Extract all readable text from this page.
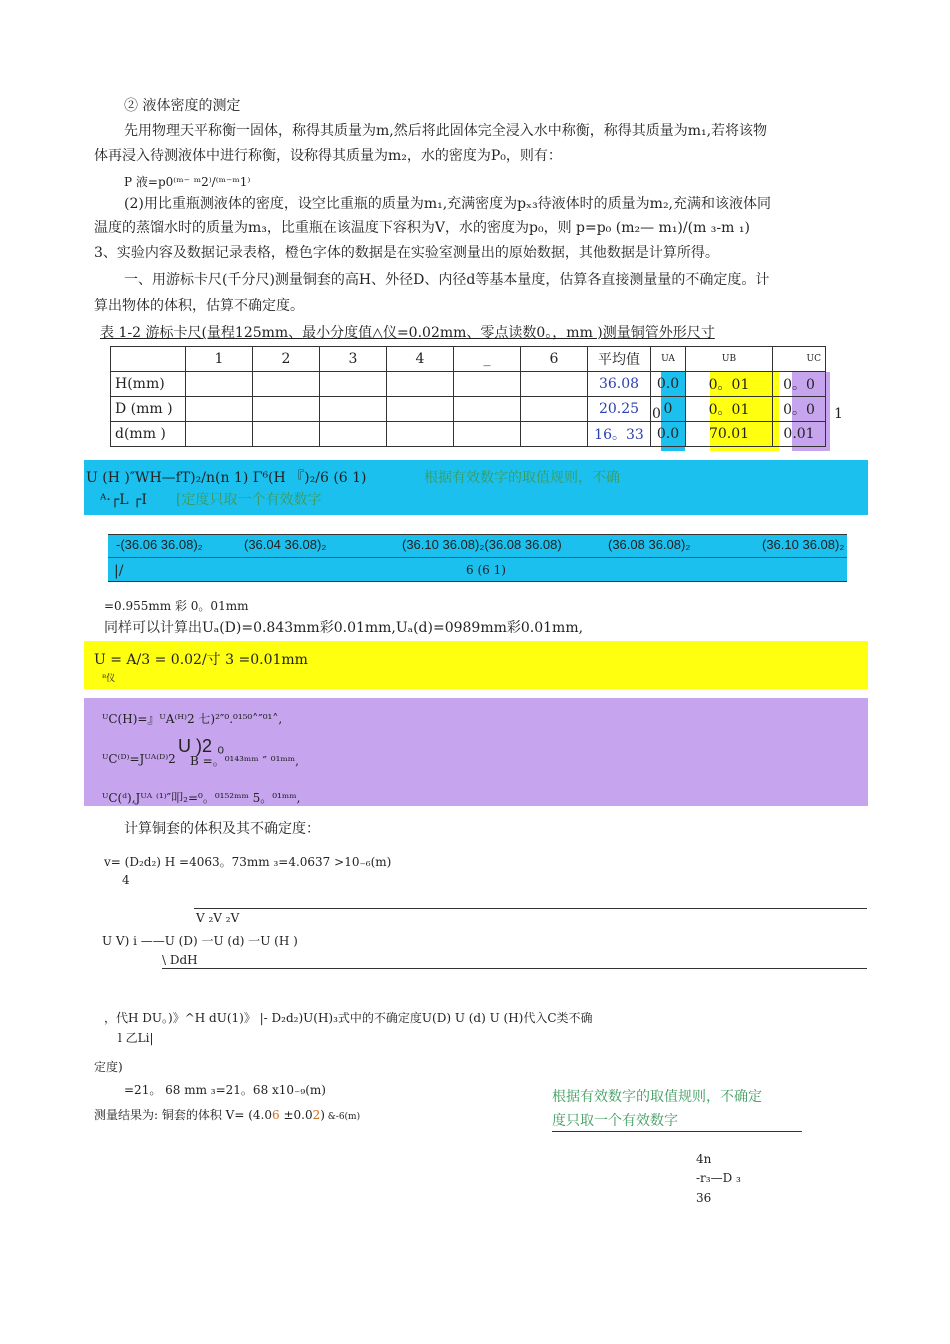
② 液体密度的测定
先用物理天平称衡一固体，称得其质量为m,然后将此固体完全浸入水中称衡，称得其质量为m₁,若将该物
体再浸入待测液体中进行称衡，设称得其质量为m₂，水的密度为P₀，则有：
P 液=p0⁽ᵐ⁻ ᵐ2⁾/⁽ᵐ⁻ᵐ1⁾
(2)用比重瓶测液体的密度，设空比重瓶的质量为m₁,充满密度为pₓ₃待液体时的质量为m₂,充满和该液体同
温度的蒸馏水时的质量为m₃，比重瓶在该温度下容积为V，水的密度为p₀，则 p=p₀ (m₂— m₁)/(m ₃-m ₁)
3、实验内容及数据记录表格，橙色字体的数据是在实验室测量出的原始数据，其他数据是计算所得。
一、用游标卡尺(千分尺)测量铜套的高H、外径D、内径d等基本量度，估算各直接测量量的不确定度。计
算出物体的体积，估算不确定度。
表 1-2 游标卡尺(量程125mm、最小分度值△仪=0.02mm、零点读数0。，mm )测量铜管外形尺寸
	1	2	3	4	_	6	平均值	UA	UB	UC
H(mm)							36.08	0.0	0。01	0。0
D (mm )							20.25	0	0。01	0。0
d(mm )							16。33	0.0	70.01	0.01
0	1
U (H )″WH—fT)₂/n(n 1) Γ⁶(H 『)₂/6 (6 1)	根据有效数字的取值规则，不确
ᴬ·┌L ┌I [定度只取一个有效数字
-(36.06 36.08)₂	(36.04 36.08)₂	(36.10 36.08)₂(36.08 36.08)	(36.08 36.08)₂	(36.10 36.08)₂
|/	6 (6 1)
=0.955mm 彩 0。01mm
同样可以计算出Uₐ(D)=0.843mm彩0.01mm,Uₐ(d)=0989mm彩0.01mm,
U = A/3 = 0.02/寸 3 =0.01mm
ᴮ仪
ᵁC(H)=』ᵁA⁽ᴴ⁾2 七)²″⁰.⁰¹⁵⁰˄″⁰¹˄,
ᵁC⁽ᴰ⁾=Jᵁᴬ⁽ᴰ⁾2
U )2 ₀
B =。⁰¹⁴³ᵐᵐ ″ ⁰¹ᵐᵐ,
ᵁC(ᵈ),Jᵁᴬ ⁽¹⁾″叩₂=⁰。⁰¹⁵²ᵐᵐ 5。⁰¹ᵐᵐ,
计算铜套的体积及其不确定度：
v= (D₂d₂) H =4063。73mm ₃=4.0637 >10₋₆(m)
4
V ₂V ₂V
U V) i ——U (D) 一U (d) 一U (H )
\ DdH
，代H DU。)》^H dU(1)》 |- D₂d₂)U(H)₃式中的不确定度U(D) U (d) U (H)代入C类不确
l 乙Li|
定度)
=21。 68 mm ₃=21。68 x10₋₉(m)
测量结果为: 铜套的体积 V= (4.06 ±0.02) &-6(m)
根据有效数字的取值规则，不确定
度只取一个有效数字
4n
-r₃—D ₃
36
